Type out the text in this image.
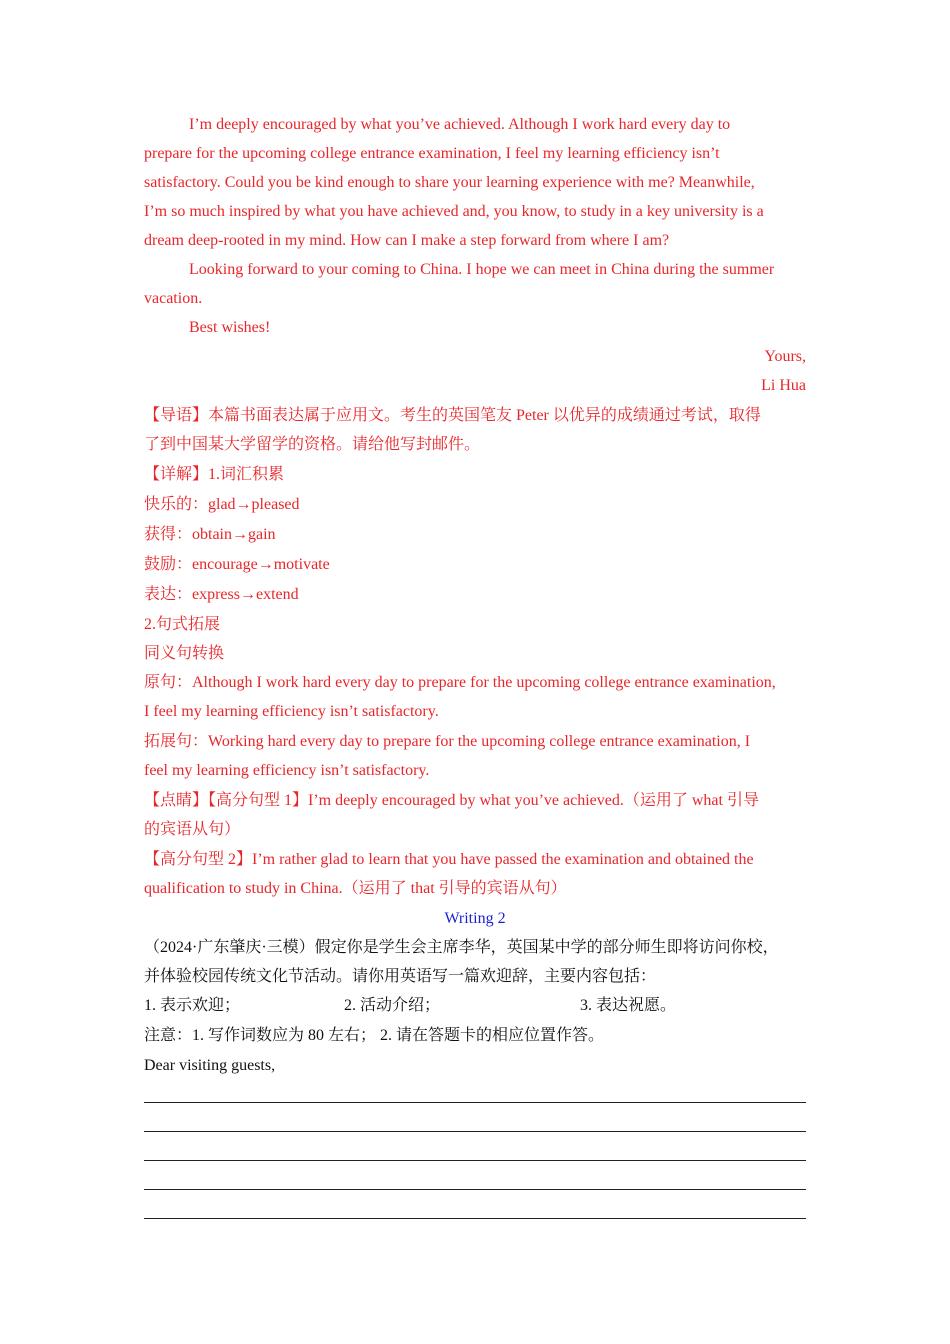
I’m deeply encouraged by what you’ve achieved. Although I work hard every day to
prepare for the upcoming college entrance examination, I feel my learning efficiency isn’t
satisfactory. Could you be kind enough to share your learning experience with me? Meanwhile,
I’m so much inspired by what you have achieved and, you know, to study in a key university is a
dream deep-rooted in my mind. How can I make a step forward from where I am?
Looking forward to your coming to China. I hope we can meet in China during the summer
vacation.
Best wishes!
Yours,
Li Hua
【导语】本篇书面表达属于应用文。考生的英国笔友 Peter 以优异的成绩通过考试，取得
了到中国某大学留学的资格。请给他写封邮件。
【详解】1.词汇积累
快乐的：glad→pleased
获得：obtain→gain
鼓励：encourage→motivate
表达：express→extend
2.句式拓展
同义句转换
原句：Although I work hard every day to prepare for the upcoming college entrance examination,
I feel my learning efficiency isn’t satisfactory.
拓展句：Working hard every day to prepare for the upcoming college entrance examination, I
feel my learning efficiency isn’t satisfactory.
【点睛】【高分句型 1】I’m deeply encouraged by what you’ve achieved.（运用了 what 引导
的宾语从句）
【高分句型 2】I’m rather glad to learn that you have passed the examination and obtained the
qualification to study in China.（运用了 that 引导的宾语从句）
Writing 2
（2024·广东肇庆·三模）假定你是学生会主席李华，英国某中学的部分师生即将访问你校，
并体验校园传统文化节活动。请你用英语写一篇欢迎辞，主要内容包括：
1. 表示欢迎；	2. 活动介绍；	3. 表达祝愿。
注意：1. 写作词数应为 80 左右； 2. 请在答题卡的相应位置作答。
Dear visiting guests,
